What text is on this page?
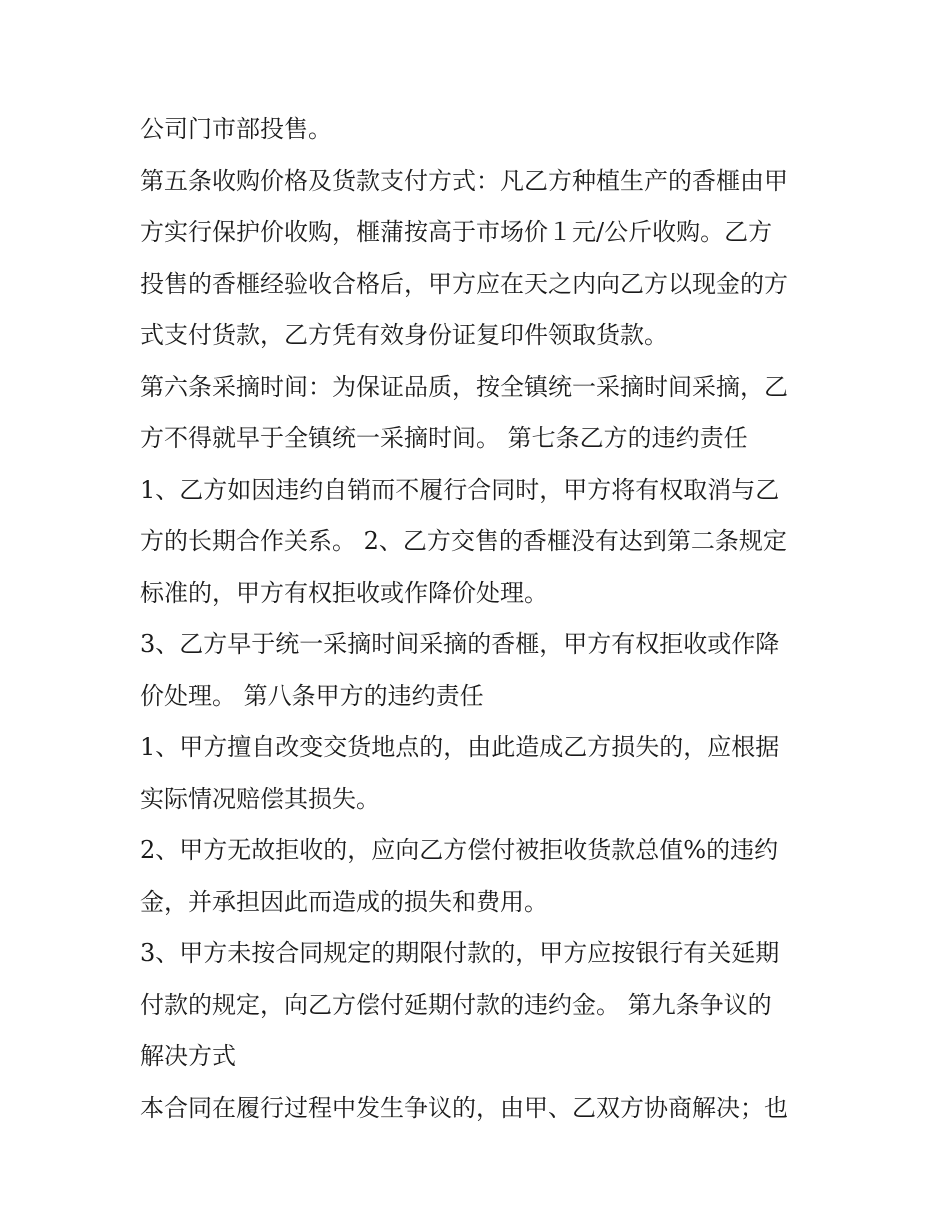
公司门市部投售。
第五条收购价格及货款支付方式：凡乙方种植生产的香榧由甲
方实行保护价收购，榧蒲按高于市场价１元/公斤收购。乙方
投售的香榧经验收合格后，甲方应在天之内向乙方以现金的方
式支付货款，乙方凭有效身份证复印件领取货款。
第六条采摘时间：为保证品质，按全镇统一采摘时间采摘，乙
方不得就早于全镇统一采摘时间。 第七条乙方的违约责任
1、乙方如因违约自销而不履行合同时，甲方将有权取消与乙
方的长期合作关系。 2、乙方交售的香榧没有达到第二条规定
标准的，甲方有权拒收或作降价处理。
3、乙方早于统一采摘时间采摘的香榧，甲方有权拒收或作降
价处理。 第八条甲方的违约责任
1、甲方擅自改变交货地点的，由此造成乙方损失的，应根据
实际情况赔偿其损失。
2、甲方无故拒收的，应向乙方偿付被拒收货款总值%的违约
金，并承担因此而造成的损失和费用。
3、甲方未按合同规定的期限付款的，甲方应按银行有关延期
付款的规定，向乙方偿付延期付款的违约金。 第九条争议的
解决方式
本合同在履行过程中发生争议的，由甲、乙双方协商解决；也
